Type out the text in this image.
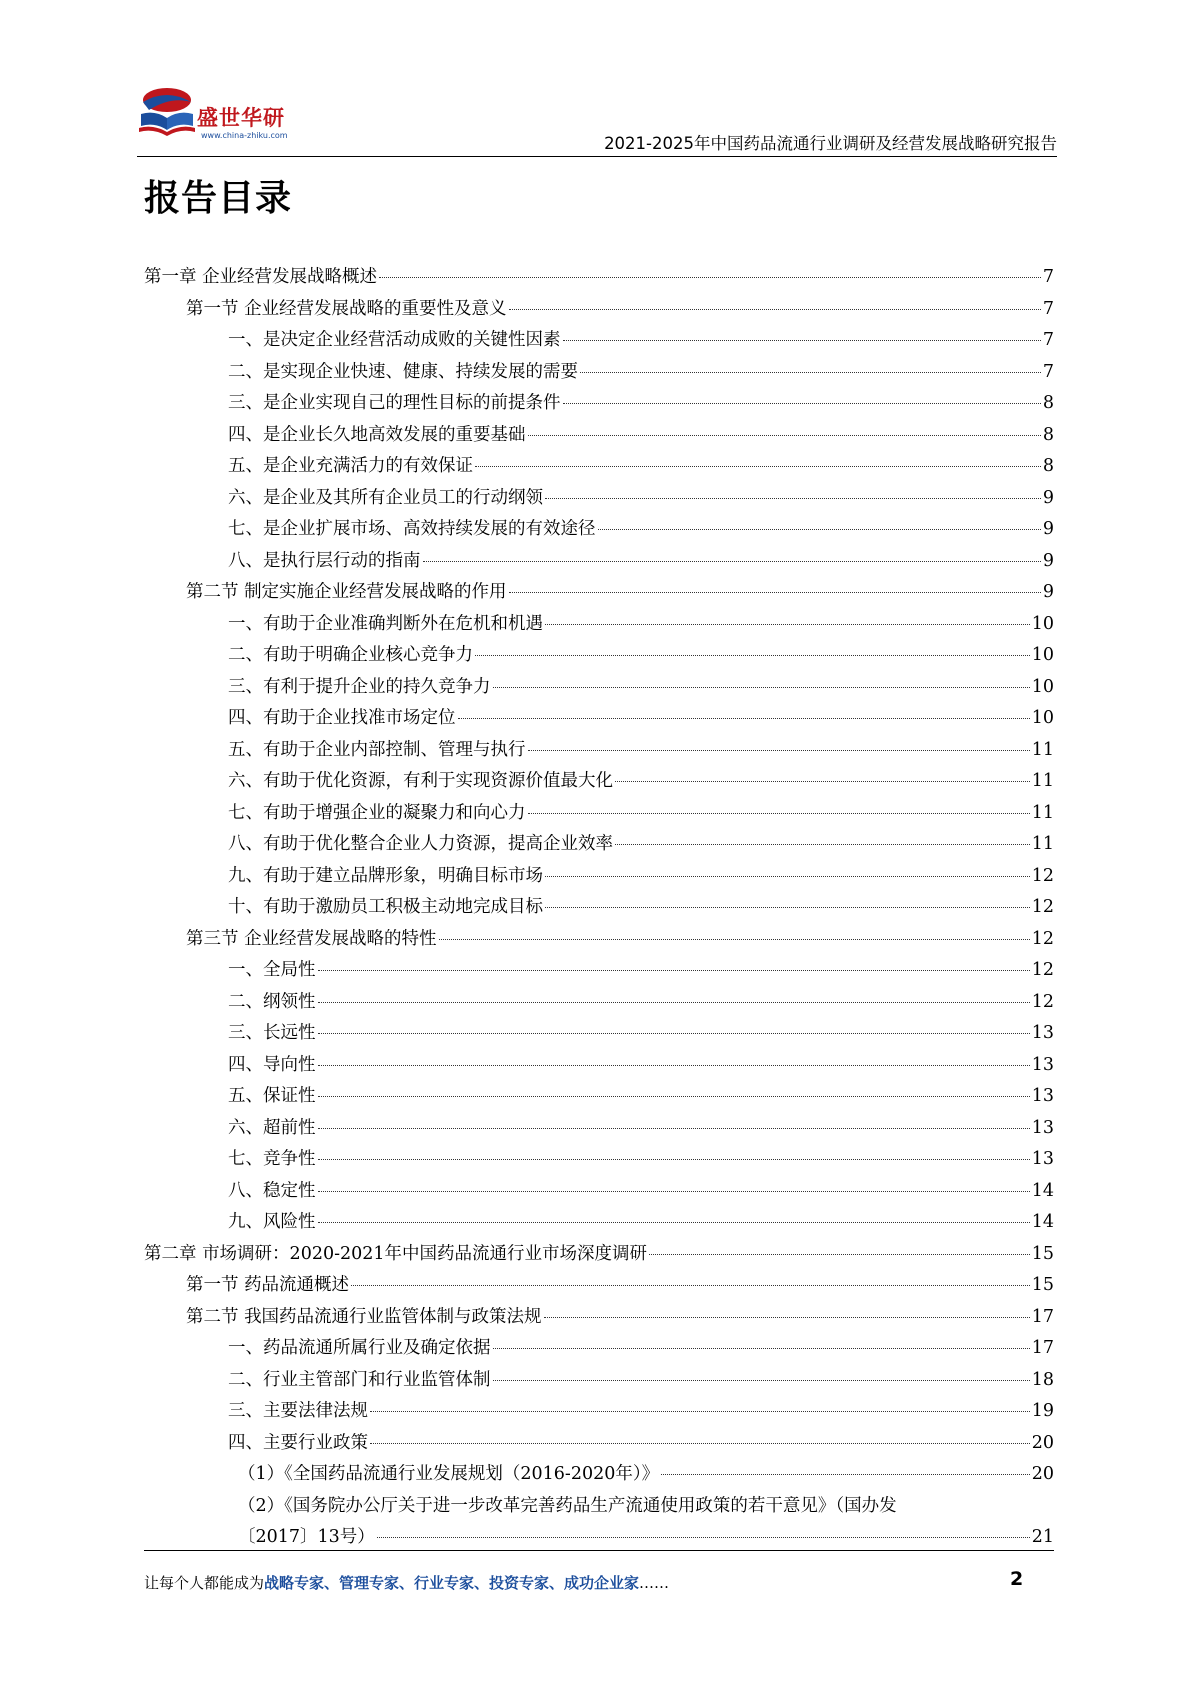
盛世华研
www.china-zhiku.com	2021-2025年中国药品流通行业调研及经营发展战略研究报告
报告目录
第一章 企业经营发展战略概述	7
第一节 企业经营发展战略的重要性及意义	7
一、是决定企业经营活动成败的关键性因素	7
二、是实现企业快速、健康、持续发展的需要	7
三、是企业实现自己的理性目标的前提条件	8
四、是企业长久地高效发展的重要基础	8
五、是企业充满活力的有效保证	8
六、是企业及其所有企业员工的行动纲领	9
七、是企业扩展市场、高效持续发展的有效途径	9
八、是执行层行动的指南	9
第二节 制定实施企业经营发展战略的作用	9
一、有助于企业准确判断外在危机和机遇	10
二、有助于明确企业核心竞争力	10
三、有利于提升企业的持久竞争力	10
四、有助于企业找准市场定位	10
五、有助于企业内部控制、管理与执行	11
六、有助于优化资源，有利于实现资源价值最大化	11
七、有助于增强企业的凝聚力和向心力	11
八、有助于优化整合企业人力资源，提高企业效率	11
九、有助于建立品牌形象，明确目标市场	12
十、有助于激励员工积极主动地完成目标	12
第三节 企业经营发展战略的特性	12
一、全局性	12
二、纲领性	12
三、长远性	13
四、导向性	13
五、保证性	13
六、超前性	13
七、竞争性	13
八、稳定性	14
九、风险性	14
第二章 市场调研：2020-2021年中国药品流通行业市场深度调研	15
第一节 药品流通概述	15
第二节 我国药品流通行业监管体制与政策法规	17
一、药品流通所属行业及确定依据	17
二、行业主管部门和行业监管体制	18
三、主要法律法规	19
四、主要行业政策	20
（1）《全国药品流通行业发展规划（2016-2020年）》	20
（2）《国务院办公厅关于进一步改革完善药品生产流通使用政策的若干意见》（国办发
〔2017〕13号）	21
让每个人都能成为战略专家、管理专家、行业专家、投资专家、成功企业家……	2
